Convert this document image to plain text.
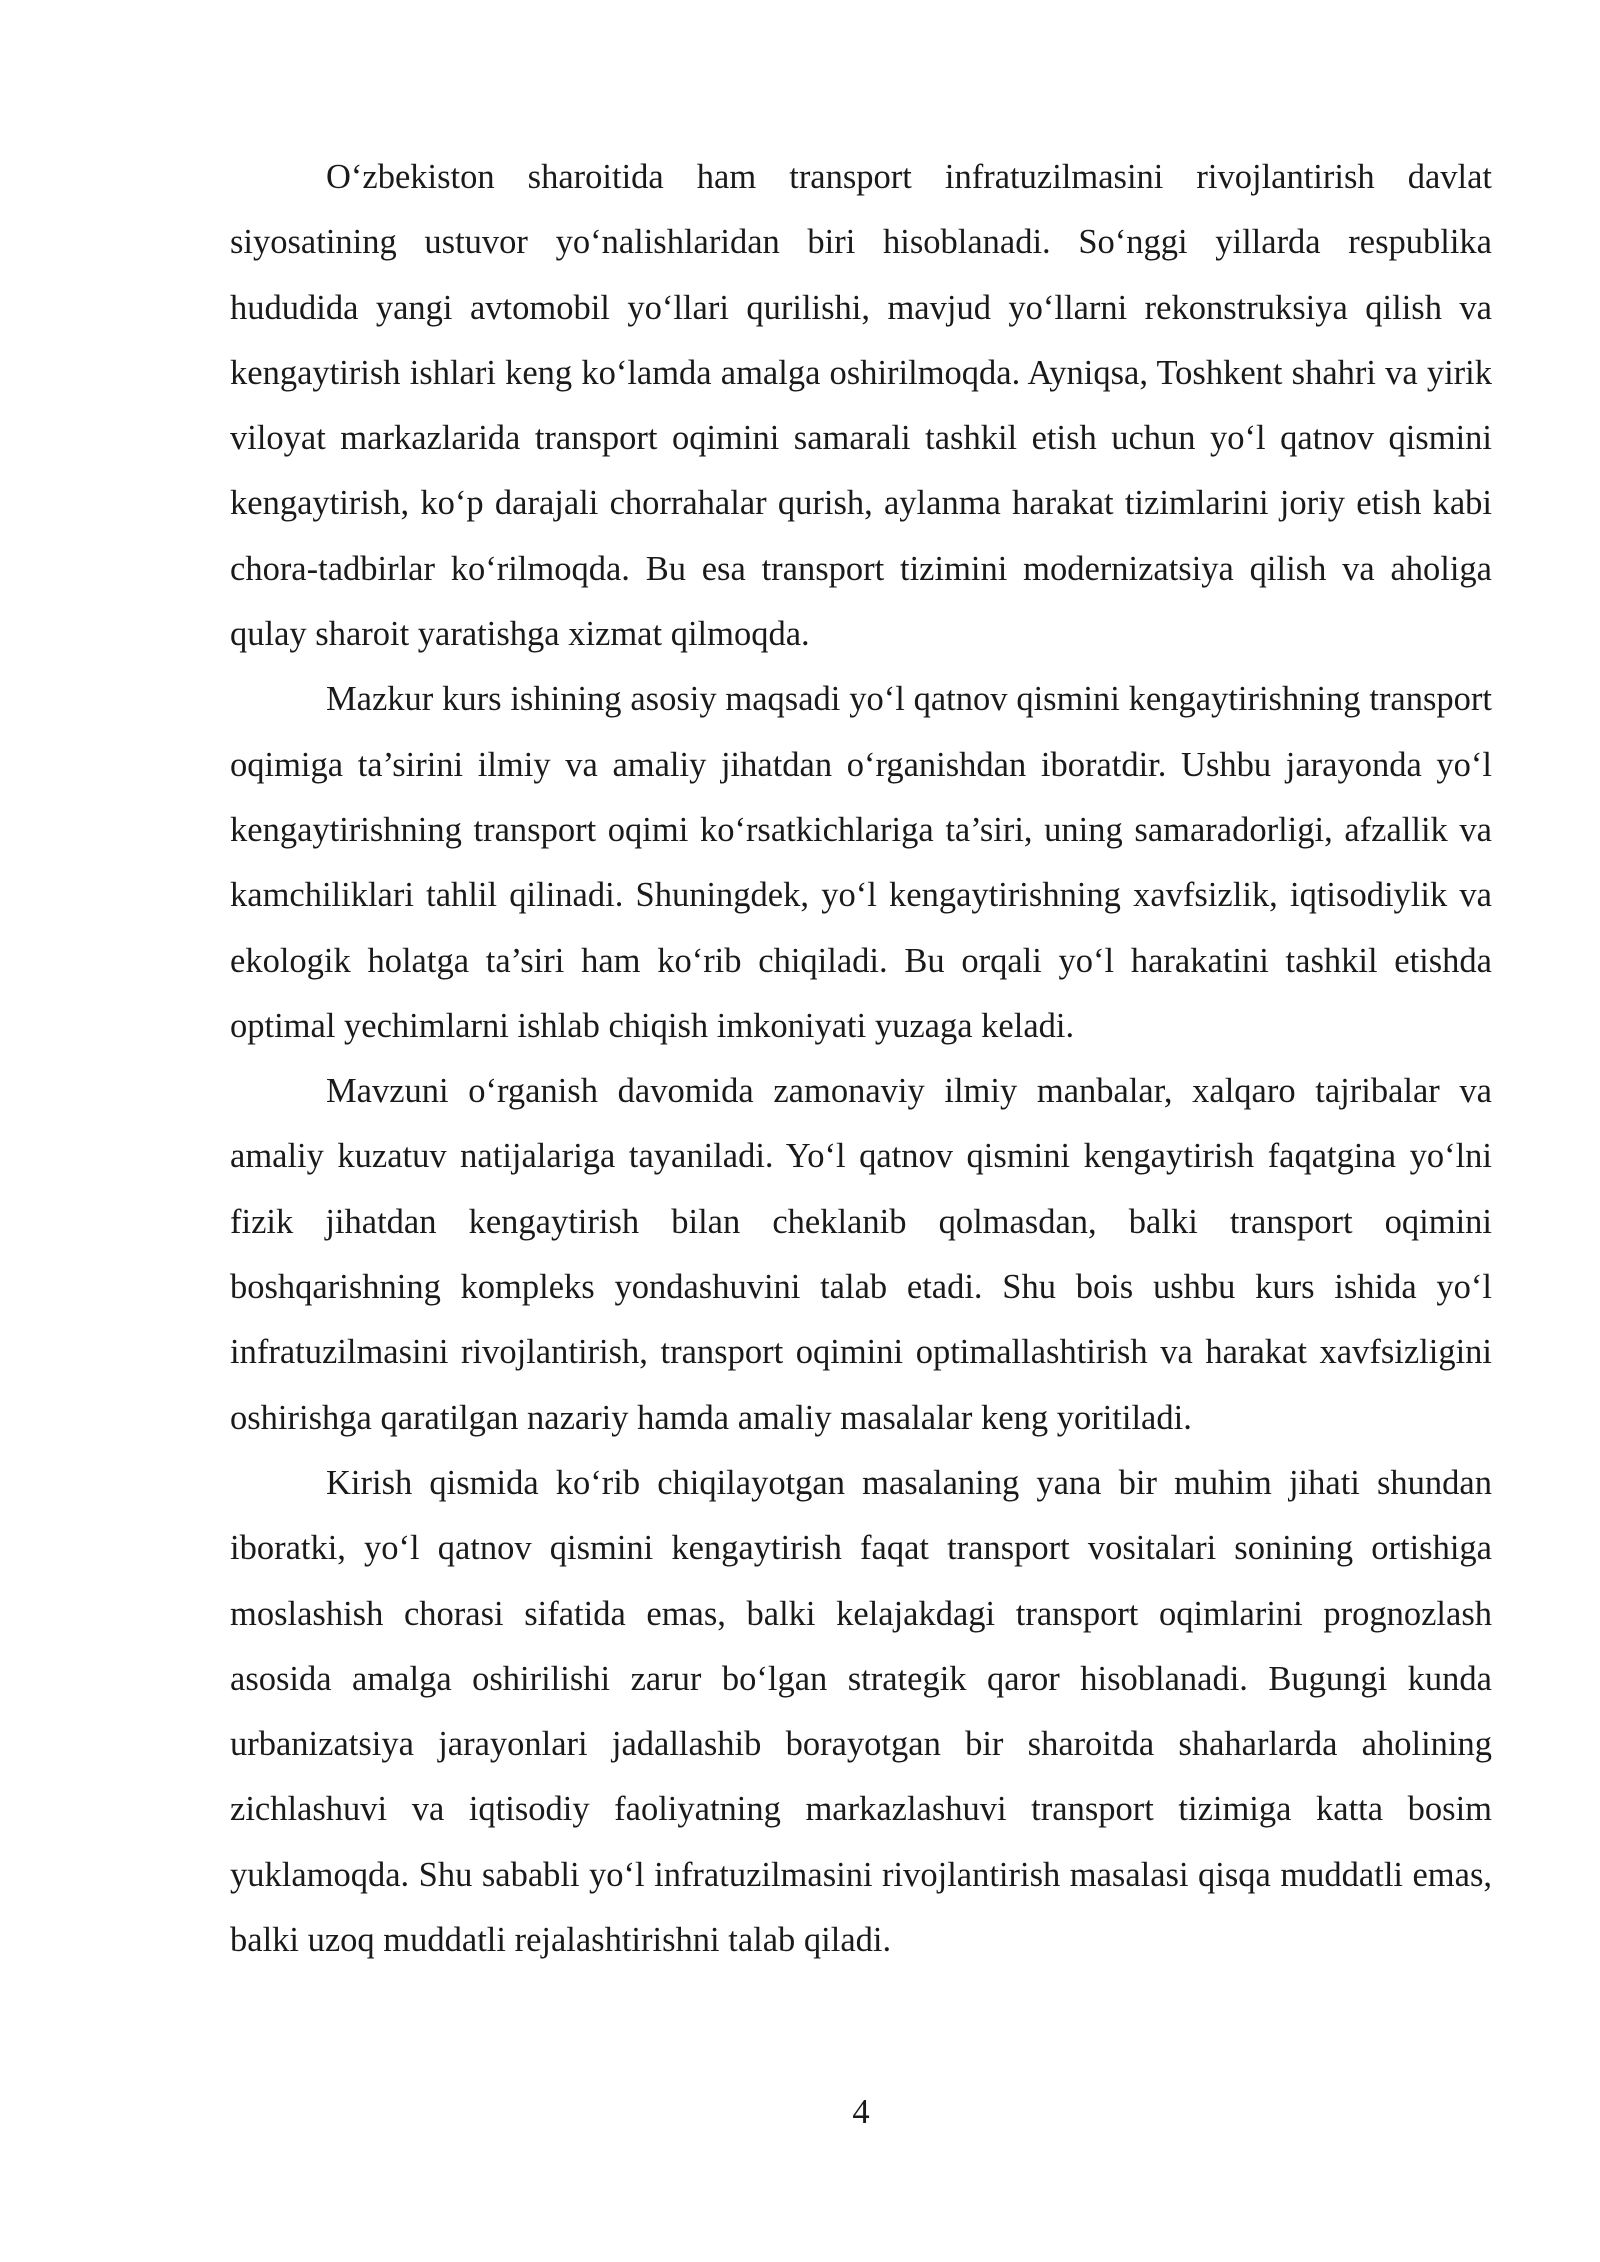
O‘zbekiston sharoitida ham transport infratuzilmasini rivojlantirish davlat siyosatining ustuvor yo‘nalishlaridan biri hisoblanadi. So‘nggi yillarda respublika hududida yangi avtomobil yo‘llari qurilishi, mavjud yo‘llarni rekonstruksiya qilish va kengaytirish ishlari keng ko‘lamda amalga oshirilmoqda. Ayniqsa, Toshkent shahri va yirik viloyat markazlarida transport oqimini samarali tashkil etish uchun yo‘l qatnov qismini kengaytirish, ko‘p darajali chorrahalar qurish, aylanma harakat tizimlarini joriy etish kabi chora-tadbirlar ko‘rilmoqda. Bu esa transport tizimini modernizatsiya qilish va aholiga qulay sharoit yaratishga xizmat qilmoqda.

Mazkur kurs ishining asosiy maqsadi yo‘l qatnov qismini kengaytirishning transport oqimiga ta’sirini ilmiy va amaliy jihatdan o‘rganishdan iboratdir. Ushbu jarayonda yo‘l kengaytirishning transport oqimi ko‘rsatkichlariga ta’siri, uning samaradorligi, afzallik va kamchiliklari tahlil qilinadi. Shuningdek, yo‘l kengaytirishning xavfsizlik, iqtisodiylik va ekologik holatga ta’siri ham ko‘rib chiqiladi. Bu orqali yo‘l harakatini tashkil etishda optimal yechimlarni ishlab chiqish imkoniyati yuzaga keladi.

Mavzuni o‘rganish davomida zamonaviy ilmiy manbalar, xalqaro tajribalar va amaliy kuzatuv natijalariga tayaniladi. Yo‘l qatnov qismini kengaytirish faqatgina yo‘lni fizik jihatdan kengaytirish bilan cheklanib qolmasdan, balki transport oqimini boshqarishning kompleks yondashuvini talab etadi. Shu bois ushbu kurs ishida yo‘l infratuzilmasini rivojlantirish, transport oqimini optimallashtirish va harakat xavfsizligini oshirishga qaratilgan nazariy hamda amaliy masalalar keng yoritiladi.

Kirish qismida ko‘rib chiqilayotgan masalaning yana bir muhim jihati shundan iboratki, yo‘l qatnov qismini kengaytirish faqat transport vositalari sonining ortishiga moslashish chorasi sifatida emas, balki kelajakdagi transport oqimlarini prognozlash asosida amalga oshirilishi zarur bo‘lgan strategik qaror hisoblanadi. Bugungi kunda urbanizatsiya jarayonlari jadallashib borayotgan bir sharoitda shaharlarda aholining zichlashuvi va iqtisodiy faoliyatning markazlashuvi transport tizimiga katta bosim yuklamoqda. Shu sababli yo‘l infratuzilmasini rivojlantirish masalasi qisqa muddatli emas, balki uzoq muddatli rejalashtirishni talab qiladi.

4
